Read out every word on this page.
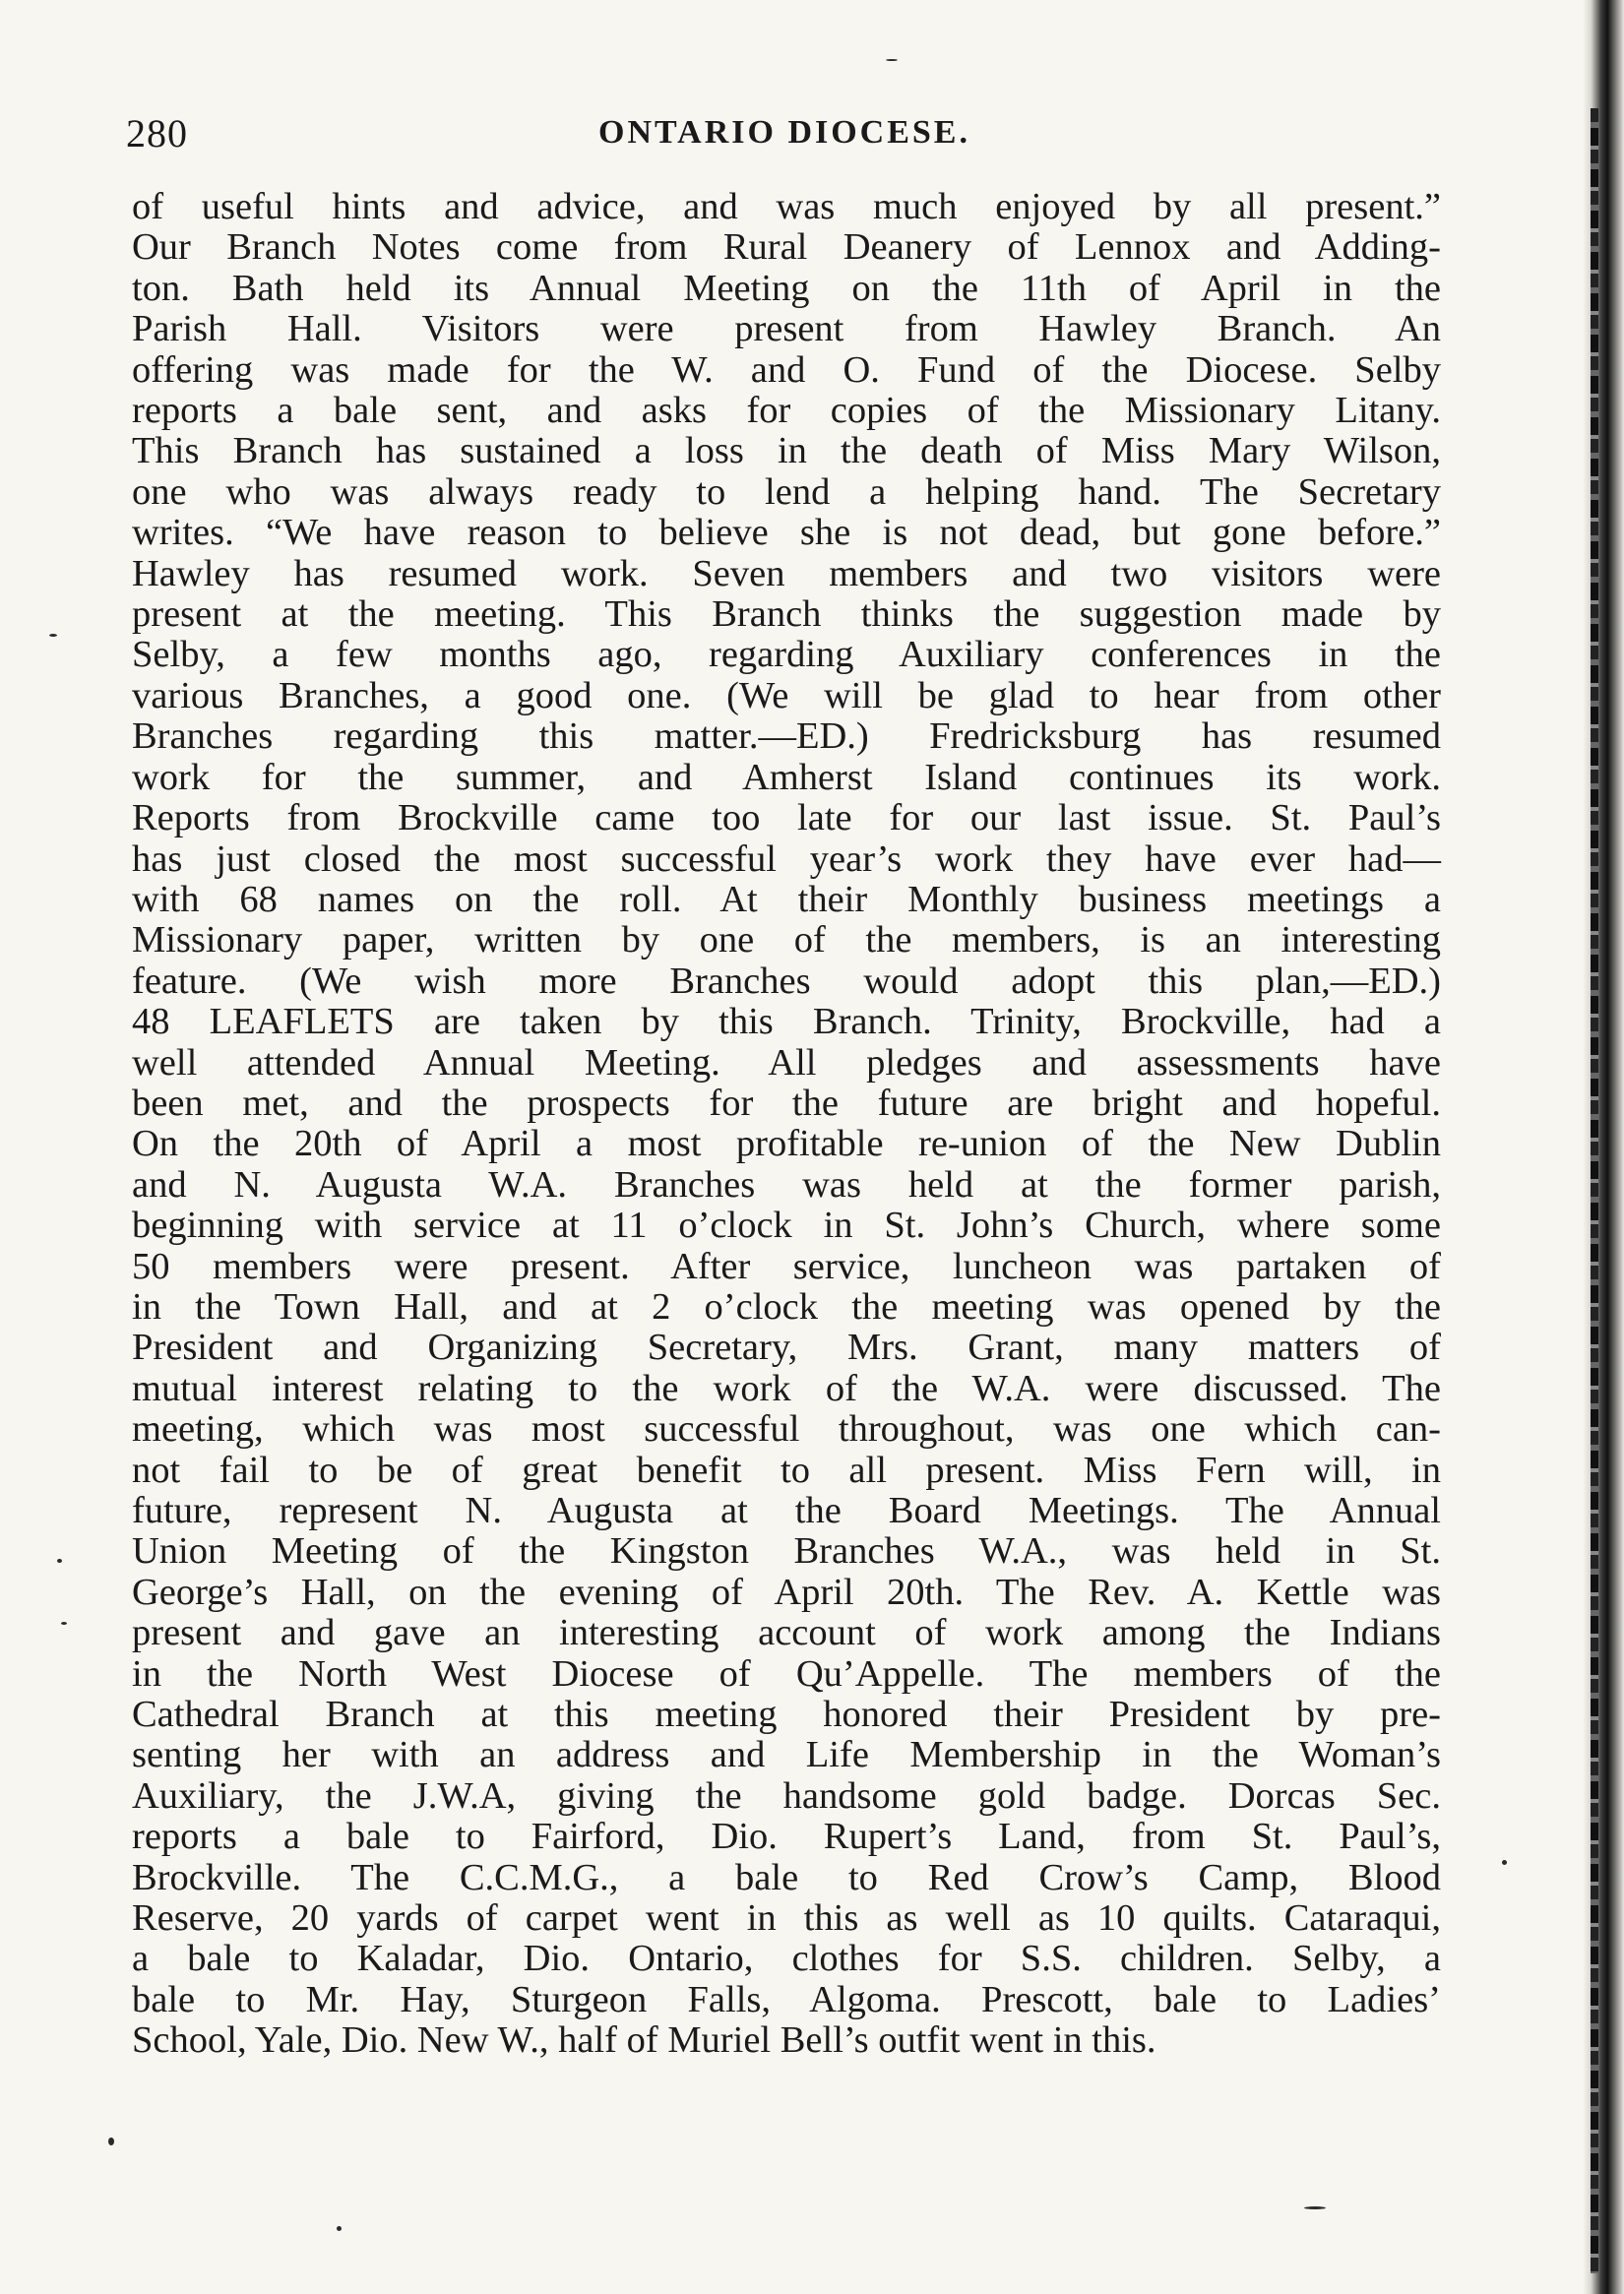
280	ONTARIO DIOCESE.
of useful hints and advice, and was much enjoyed by all present.”
Our Branch Notes come from Rural Deanery of Lennox and Adding-
ton. Bath held its Annual Meeting on the 11th of April in the
Parish Hall. Visitors were present from Hawley Branch. An
offering was made for the W. and O. Fund of the Diocese. Selby
reports a bale sent, and asks for copies of the Missionary Litany.
This Branch has sustained a loss in the death of Miss Mary Wilson,
one who was always ready to lend a helping hand. The Secretary
writes. “We have reason to believe she is not dead, but gone before.”
Hawley has resumed work. Seven members and two visitors were
present at the meeting. This Branch thinks the suggestion made by
Selby, a few months ago, regarding Auxiliary conferences in the
various Branches, a good one. (We will be glad to hear from other
Branches regarding this matter.—ED.) Fredricksburg has resumed
work for the summer, and Amherst Island continues its work.
Reports from Brockville came too late for our last issue. St. Paul’s
has just closed the most successful year’s work they have ever had—
with 68 names on the roll. At their Monthly business meetings a
Missionary paper, written by one of the members, is an interesting
feature. (We wish more Branches would adopt this plan,—ED.)
48 LEAFLETS are taken by this Branch. Trinity, Brockville, had a
well attended Annual Meeting. All pledges and assessments have
been met, and the prospects for the future are bright and hopeful.
On the 20th of April a most profitable re-union of the New Dublin
and N. Augusta W.A. Branches was held at the former parish,
beginning with service at 11 o’clock in St. John’s Church, where some
50 members were present. After service, luncheon was partaken of
in the Town Hall, and at 2 o’clock the meeting was opened by the
President and Organizing Secretary, Mrs. Grant, many matters of
mutual interest relating to the work of the W.A. were discussed. The
meeting, which was most successful throughout, was one which can-
not fail to be of great benefit to all present. Miss Fern will, in
future, represent N. Augusta at the Board Meetings. The Annual
Union Meeting of the Kingston Branches W.A., was held in St.
George’s Hall, on the evening of April 20th. The Rev. A. Kettle was
present and gave an interesting account of work among the Indians
in the North West Diocese of Qu’Appelle. The members of the
Cathedral Branch at this meeting honored their President by pre-
senting her with an address and Life Membership in the Woman’s
Auxiliary, the J.W.A, giving the handsome gold badge. Dorcas Sec.
reports a bale to Fairford, Dio. Rupert’s Land, from St. Paul’s,
Brockville. The C.C.M.G., a bale to Red Crow’s Camp, Blood
Reserve, 20 yards of carpet went in this as well as 10 quilts. Cataraqui,
a bale to Kaladar, Dio. Ontario, clothes for S.S. children. Selby, a
bale to Mr. Hay, Sturgeon Falls, Algoma. Prescott, bale to Ladies’
School, Yale, Dio. New W., half of Muriel Bell’s outfit went in this.
